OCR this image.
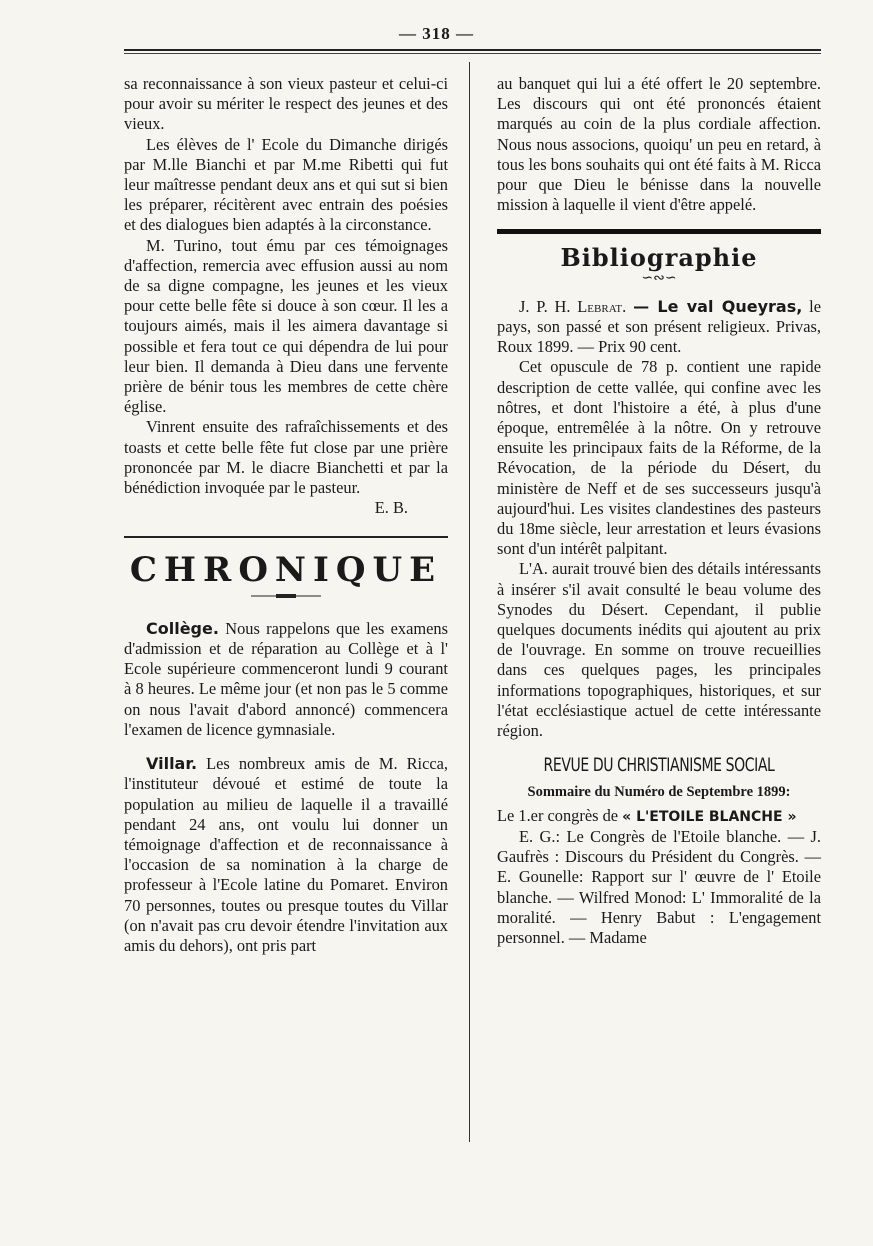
— 318 —

sa reconnaissance à son vieux pasteur et celui-ci pour avoir su mériter le respect des jeunes et des vieux.

Les élèves de l' Ecole du Dimanche dirigés par M.lle Bianchi et par M.me Ribetti qui fut leur maîtresse pendant deux ans et qui sut si bien les préparer, récitèrent avec entrain des poésies et des dialogues bien adaptés à la circonstance.

M. Turino, tout ému par ces témoignages d'affection, remercia avec effusion aussi au nom de sa digne compagne, les jeunes et les vieux pour cette belle fête si douce à son cœur. Il les a toujours aimés, mais il les aimera davantage si possible et fera tout ce qui dépendra de lui pour leur bien. Il demanda à Dieu dans une fervente prière de bénir tous les membres de cette chère église.

Vinrent ensuite des rafraîchissements et des toasts et cette belle fête fut close par une prière prononcée par M. le diacre Bianchetti et par la bénédiction invoquée par le pasteur.

E. B.

CHRONIQUE

Collège. Nous rappelons que les examens d'admission et de réparation au Collège et à l' Ecole supérieure commenceront lundi 9 courant à 8 heures. Le même jour (et non pas le 5 comme on nous l'avait d'abord annoncé) commencera l'examen de licence gymnasiale.

Villar. Les nombreux amis de M. Ricca, l'instituteur dévoué et estimé de toute la population au milieu de laquelle il a travaillé pendant 24 ans, ont voulu lui donner un témoignage d'affection et de reconnaissance à l'occasion de sa nomination à la charge de professeur à l'Ecole latine du Pomaret. Environ 70 personnes, toutes ou presque toutes du Villar (on n'avait pas cru devoir étendre l'invitation aux amis du dehors), ont pris part

au banquet qui lui a été offert le 20 septembre. Les discours qui ont été prononcés étaient marqués au coin de la plus cordiale affection. Nous nous associons, quoiqu' un peu en retard, à tous les bons souhaits qui ont été faits à M. Ricca pour que Dieu le bénisse dans la nouvelle mission à laquelle il vient d'être appelé.

Bibliographie
∽∾∽

J. P. H. Lebrat. — Le val Queyras, le pays, son passé et son présent religieux. Privas, Roux 1899. — Prix 90 cent.

Cet opuscule de 78 p. contient une rapide description de cette vallée, qui confine avec les nôtres, et dont l'histoire a été, à plus d'une époque, entremêlée à la nôtre. On y retrouve ensuite les principaux faits de la Réforme, de la Révocation, de la période du Désert, du ministère de Neff et de ses successeurs jusqu'à aujourd'hui. Les visites clandestines des pasteurs du 18me siècle, leur arrestation et leurs évasions sont d'un intérêt palpitant.

L'A. aurait trouvé bien des détails intéressants à insérer s'il avait consulté le beau volume des Synodes du Désert. Cependant, il publie quelques documents inédits qui ajoutent au prix de l'ouvrage. En somme on trouve recueillies dans ces quelques pages, les principales informations topographiques, historiques, et sur l'état ecclésiastique actuel de cette intéressante région.

REVUE DU CHRISTIANISME SOCIAL
Sommaire du Numéro de Septembre 1899:

Le 1.er congrès de « L'ETOILE BLANCHE »

E. G.: Le Congrès de l'Etoile blanche. — J. Gaufrès : Discours du Président du Congrès. — E. Gounelle: Rapport sur l' œuvre de l' Etoile blanche. — Wilfred Monod: L' Immoralité de la moralité. — Henry Babut : L'engagement personnel. — Madame
